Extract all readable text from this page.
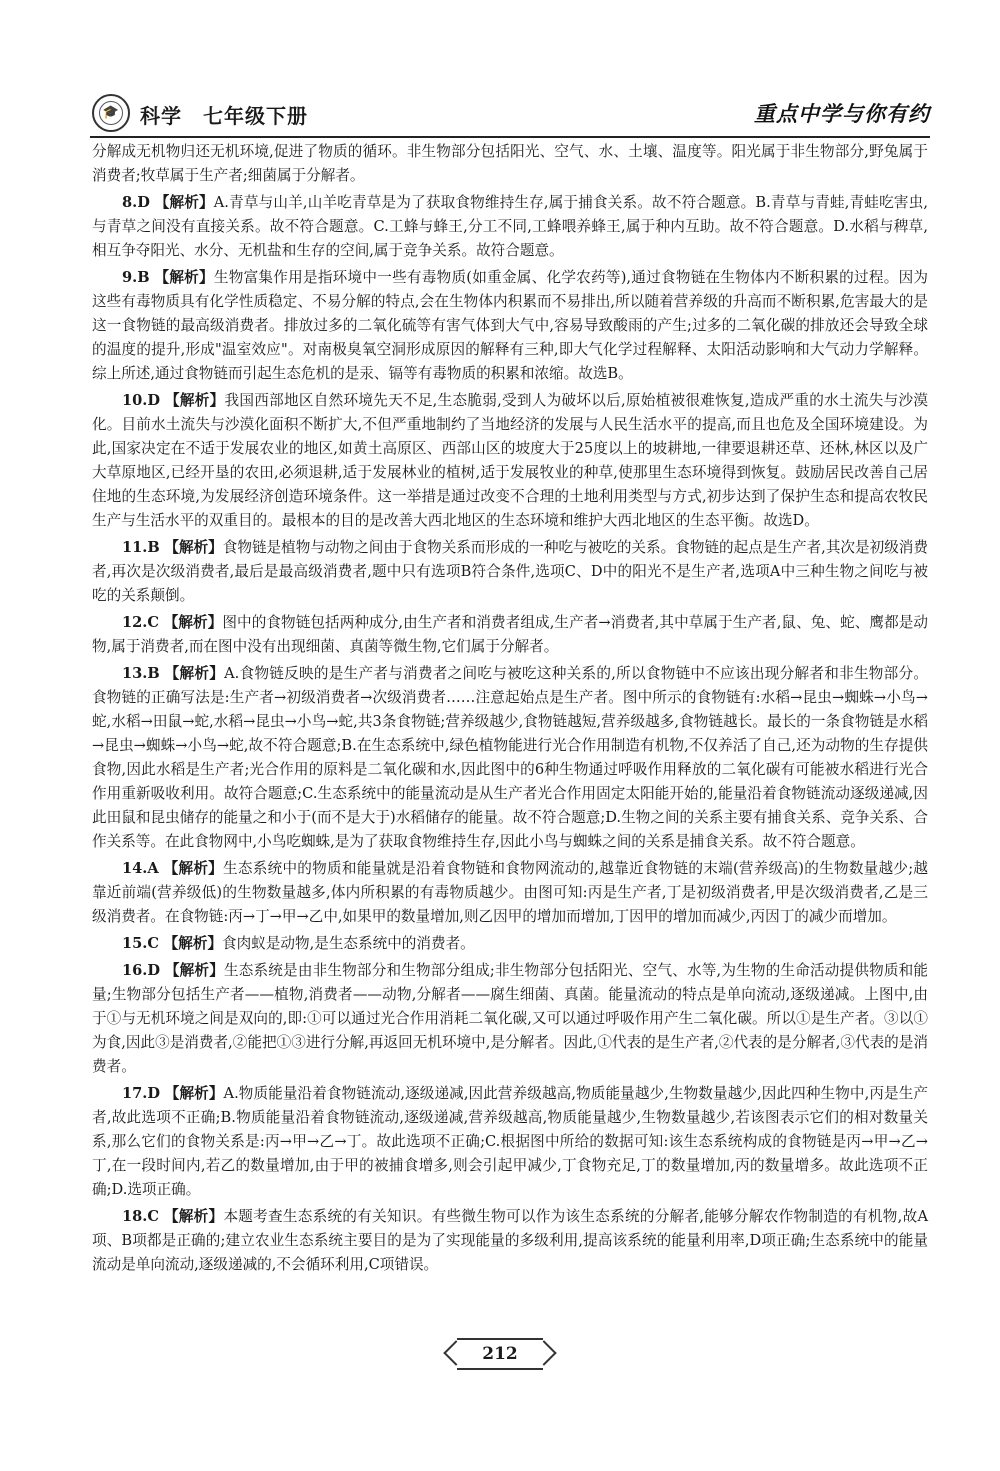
🎓 科学　七年级下册	重点中学与你有约

分解成无机物归还无机环境,促进了物质的循环。非生物部分包括阳光、空气、水、土壤、温度等。阳光属于非生物部分,野兔属于消费者;牧草属于生产者;细菌属于分解者。

8.D 【解析】A.青草与山羊,山羊吃青草是为了获取食物维持生存,属于捕食关系。故不符合题意。B.青草与青蛙,青蛙吃害虫,与青草之间没有直接关系。故不符合题意。C.工蜂与蜂王,分工不同,工蜂喂养蜂王,属于种内互助。故不符合题意。D.水稻与稗草,相互争夺阳光、水分、无机盐和生存的空间,属于竞争关系。故符合题意。

9.B 【解析】生物富集作用是指环境中一些有毒物质(如重金属、化学农药等),通过食物链在生物体内不断积累的过程。因为这些有毒物质具有化学性质稳定、不易分解的特点,会在生物体内积累而不易排出,所以随着营养级的升高而不断积累,危害最大的是这一食物链的最高级消费者。排放过多的二氧化硫等有害气体到大气中,容易导致酸雨的产生;过多的二氧化碳的排放还会导致全球的温度的提升,形成"温室效应"。对南极臭氧空洞形成原因的解释有三种,即大气化学过程解释、太阳活动影响和大气动力学解释。综上所述,通过食物链而引起生态危机的是汞、镉等有毒物质的积累和浓缩。故选B。

10.D 【解析】我国西部地区自然环境先天不足,生态脆弱,受到人为破坏以后,原始植被很难恢复,造成严重的水土流失与沙漠化。目前水土流失与沙漠化面积不断扩大,不但严重地制约了当地经济的发展与人民生活水平的提高,而且也危及全国环境建设。为此,国家决定在不适于发展农业的地区,如黄土高原区、西部山区的坡度大于25度以上的坡耕地,一律要退耕还草、还林,林区以及广大草原地区,已经开垦的农田,必须退耕,适于发展林业的植树,适于发展牧业的种草,使那里生态环境得到恢复。鼓励居民改善自己居住地的生态环境,为发展经济创造环境条件。这一举措是通过改变不合理的土地利用类型与方式,初步达到了保护生态和提高农牧民生产与生活水平的双重目的。最根本的目的是改善大西北地区的生态环境和维护大西北地区的生态平衡。故选D。

11.B 【解析】食物链是植物与动物之间由于食物关系而形成的一种吃与被吃的关系。食物链的起点是生产者,其次是初级消费者,再次是次级消费者,最后是最高级消费者,题中只有选项B符合条件,选项C、D中的阳光不是生产者,选项A中三种生物之间吃与被吃的关系颠倒。

12.C 【解析】图中的食物链包括两种成分,由生产者和消费者组成,生产者→消费者,其中草属于生产者,鼠、兔、蛇、鹰都是动物,属于消费者,而在图中没有出现细菌、真菌等微生物,它们属于分解者。

13.B 【解析】A.食物链反映的是生产者与消费者之间吃与被吃这种关系的,所以食物链中不应该出现分解者和非生物部分。食物链的正确写法是:生产者→初级消费者→次级消费者……注意起始点是生产者。图中所示的食物链有:水稻→昆虫→蜘蛛→小鸟→蛇,水稻→田鼠→蛇,水稻→昆虫→小鸟→蛇,共3条食物链;营养级越少,食物链越短,营养级越多,食物链越长。最长的一条食物链是水稻→昆虫→蜘蛛→小鸟→蛇,故不符合题意;B.在生态系统中,绿色植物能进行光合作用制造有机物,不仅养活了自己,还为动物的生存提供食物,因此水稻是生产者;光合作用的原料是二氧化碳和水,因此图中的6种生物通过呼吸作用释放的二氧化碳有可能被水稻进行光合作用重新吸收利用。故符合题意;C.生态系统中的能量流动是从生产者光合作用固定太阳能开始的,能量沿着食物链流动逐级递减,因此田鼠和昆虫储存的能量之和小于(而不是大于)水稻储存的能量。故不符合题意;D.生物之间的关系主要有捕食关系、竞争关系、合作关系等。在此食物网中,小鸟吃蜘蛛,是为了获取食物维持生存,因此小鸟与蜘蛛之间的关系是捕食关系。故不符合题意。

14.A 【解析】生态系统中的物质和能量就是沿着食物链和食物网流动的,越靠近食物链的末端(营养级高)的生物数量越少;越靠近前端(营养级低)的生物数量越多,体内所积累的有毒物质越少。由图可知:丙是生产者,丁是初级消费者,甲是次级消费者,乙是三级消费者。在食物链:丙→丁→甲→乙中,如果甲的数量增加,则乙因甲的增加而增加,丁因甲的增加而减少,丙因丁的减少而增加。

15.C 【解析】食肉蚁是动物,是生态系统中的消费者。

16.D 【解析】生态系统是由非生物部分和生物部分组成;非生物部分包括阳光、空气、水等,为生物的生命活动提供物质和能量;生物部分包括生产者——植物,消费者——动物,分解者——腐生细菌、真菌。能量流动的特点是单向流动,逐级递减。上图中,由于①与无机环境之间是双向的,即:①可以通过光合作用消耗二氧化碳,又可以通过呼吸作用产生二氧化碳。所以①是生产者。③以①为食,因此③是消费者,②能把①③进行分解,再返回无机环境中,是分解者。因此,①代表的是生产者,②代表的是分解者,③代表的是消费者。

17.D 【解析】A.物质能量沿着食物链流动,逐级递减,因此营养级越高,物质能量越少,生物数量越少,因此四种生物中,丙是生产者,故此选项不正确;B.物质能量沿着食物链流动,逐级递减,营养级越高,物质能量越少,生物数量越少,若该图表示它们的相对数量关系,那么它们的食物关系是:丙→甲→乙→丁。故此选项不正确;C.根据图中所给的数据可知:该生态系统构成的食物链是丙→甲→乙→丁,在一段时间内,若乙的数量增加,由于甲的被捕食增多,则会引起甲减少,丁食物充足,丁的数量增加,丙的数量增多。故此选项不正确;D.选项正确。

18.C 【解析】本题考查生态系统的有关知识。有些微生物可以作为该生态系统的分解者,能够分解农作物制造的有机物,故A项、B项都是正确的;建立农业生态系统主要目的是为了实现能量的多级利用,提高该系统的能量利用率,D项正确;生态系统中的能量流动是单向流动,逐级递减的,不会循环利用,C项错误。

212
